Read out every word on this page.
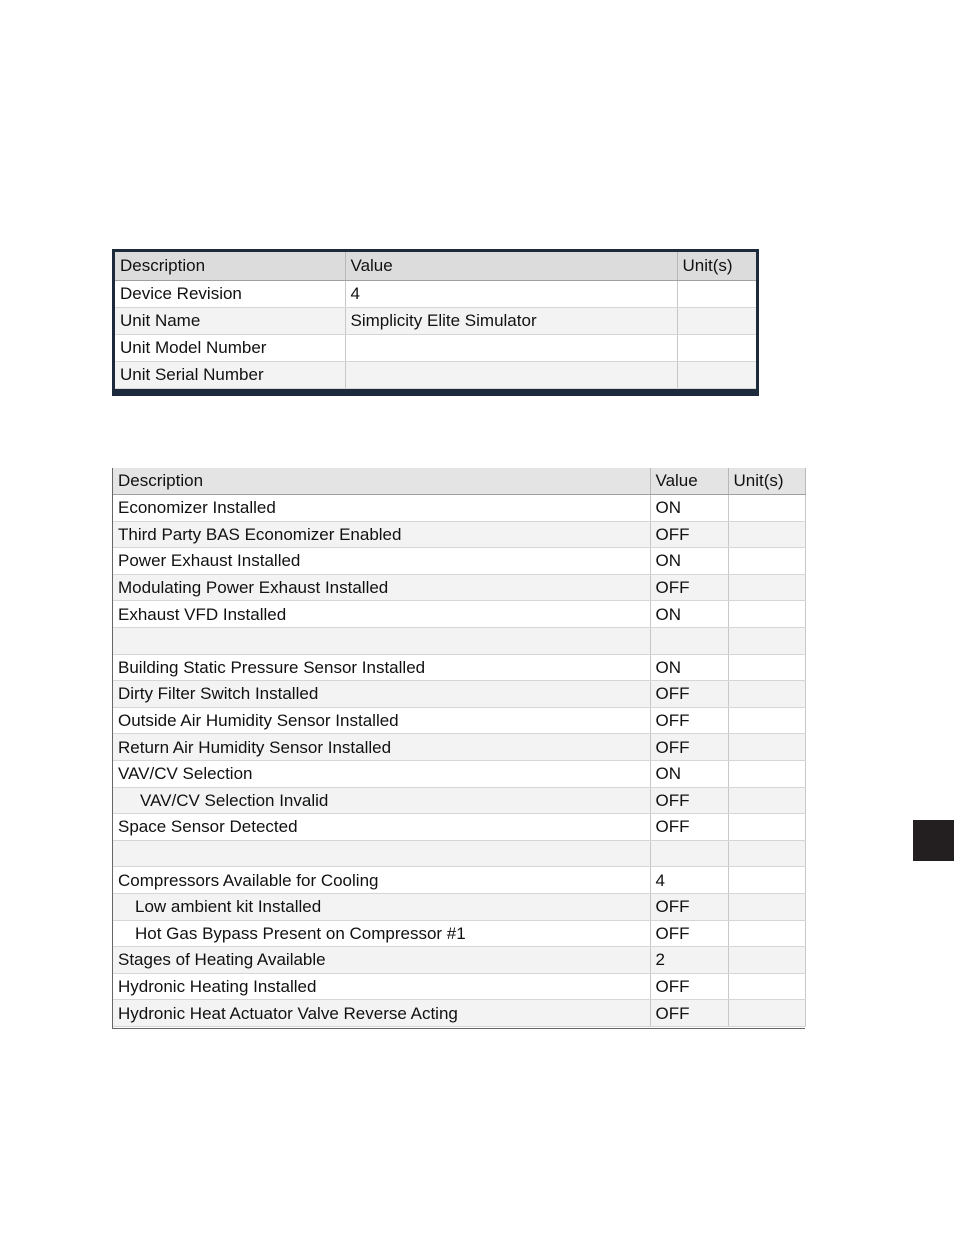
Description	Value	Unit(s)
Device Revision	4	
Unit Name	Simplicity Elite Simulator	
Unit Model Number		
Unit Serial Number		
Description	Value	Unit(s)
Economizer Installed	ON	
Third Party BAS Economizer Enabled	OFF	
Power Exhaust Installed	ON	
Modulating Power Exhaust Installed	OFF	
Exhaust VFD Installed	ON	

Building Static Pressure Sensor Installed	ON	
Dirty Filter Switch Installed	OFF	
Outside Air Humidity Sensor Installed	OFF	
Return Air Humidity Sensor Installed	OFF	
VAV/CV Selection	ON	
VAV/CV Selection Invalid	OFF	
Space Sensor Detected	OFF	

Compressors Available for Cooling	4	
Low ambient kit Installed	OFF	
Hot Gas Bypass Present on Compressor #1	OFF	
Stages of Heating Available	2	
Hydronic Heating Installed	OFF	
Hydronic Heat Actuator Valve Reverse Acting	OFF	
